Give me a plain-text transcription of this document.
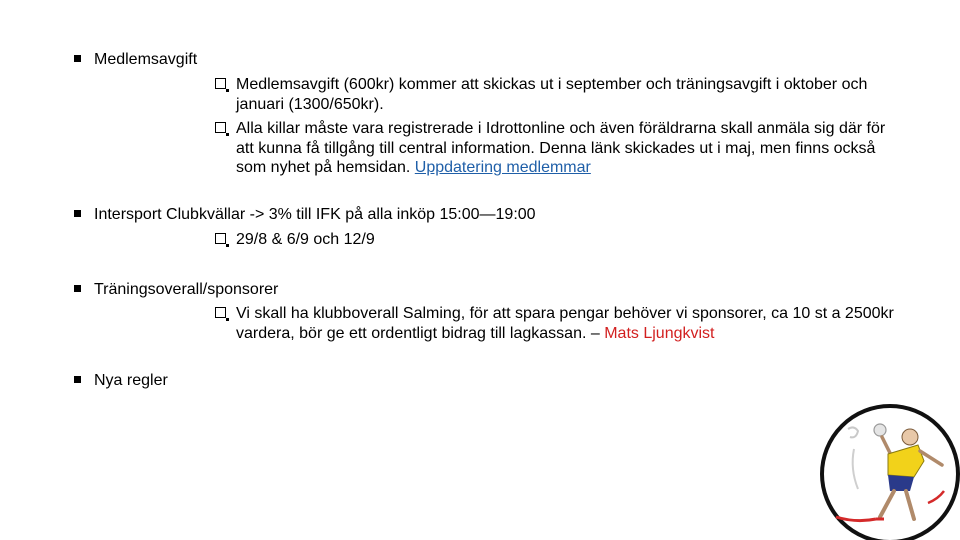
Medlemsavgift
Medlemsavgift (600kr) kommer att skickas ut i september och träningsavgift i oktober och januari (1300/650kr).
Alla killar måste vara registrerade i Idrottonline och även föräldrarna skall anmäla sig där för att kunna få tillgång till central information. Denna länk skickades ut i maj, men finns också som nyhet på hemsidan. Uppdatering medlemmar
Intersport Clubkvällar -> 3% till IFK på alla inköp 15:00—19:00
29/8 & 6/9 och 12/9
Träningsoverall/sponsorer
Vi skall ha klubboverall Salming, för att spara pengar behöver vi sponsorer, ca 10 st a 2500kr vardera, bör ge ett ordentligt bidrag till lagkassan. – Mats Ljungkvist
Nya regler
